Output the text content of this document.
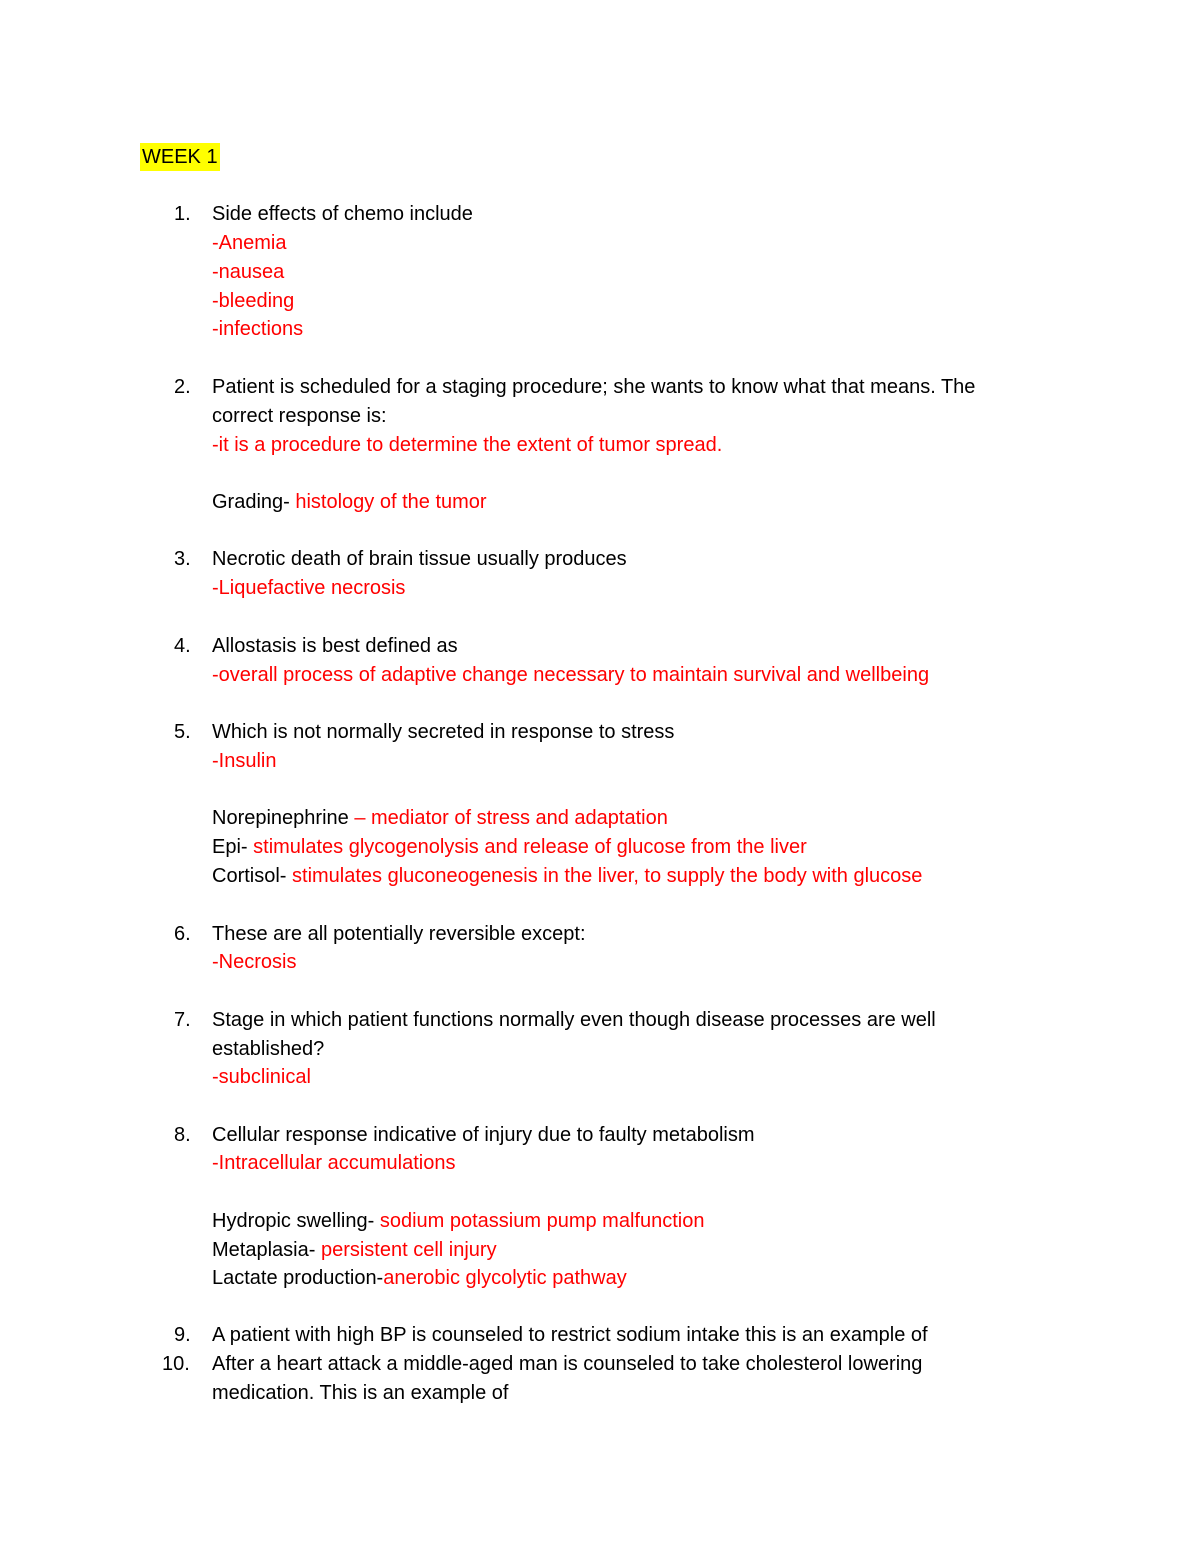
WEEK 1
1.	Side effects of chemo include
-Anemia
-nausea
-bleeding
-infections
2.	Patient is scheduled for a staging procedure; she wants to know what that means. The
correct response is:
-it is a procedure to determine the extent of tumor spread.
Grading- histology of the tumor
3.	Necrotic death of brain tissue usually produces
-Liquefactive necrosis
4.	Allostasis is best defined as
-overall process of adaptive change necessary to maintain survival and wellbeing
5.	Which is not normally secreted in response to stress
-Insulin
Norepinephrine – mediator of stress and adaptation
Epi- stimulates glycogenolysis and release of glucose from the liver
Cortisol- stimulates gluconeogenesis in the liver, to supply the body with glucose
6.	These are all potentially reversible except:
-Necrosis
7.	Stage in which patient functions normally even though disease processes are well
established?
-subclinical
8.	Cellular response indicative of injury due to faulty metabolism
-Intracellular accumulations
Hydropic swelling- sodium potassium pump malfunction
Metaplasia- persistent cell injury
Lactate production-anerobic glycolytic pathway
9.	A patient with high BP is counseled to restrict sodium intake this is an example of
10.	After a heart attack a middle-aged man is counseled to take cholesterol lowering
medication. This is an example of
